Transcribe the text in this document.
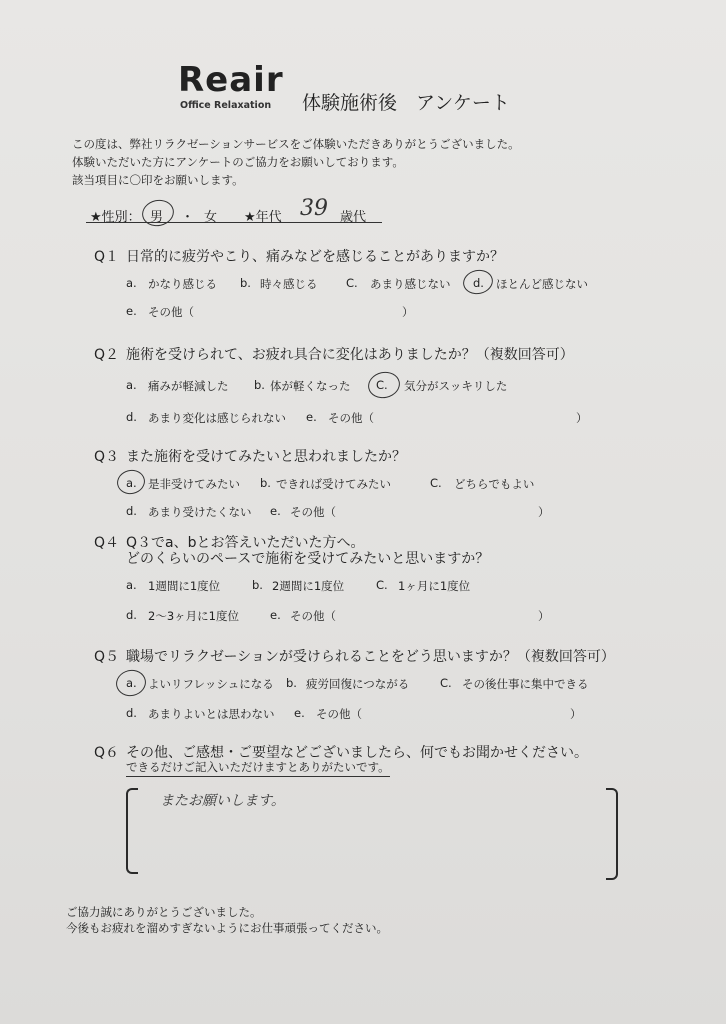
Reair
Office Relaxation 体験施術後　アンケート
この度は、弊社リラクゼーションサービスをご体験いただきありがとうございました。
体験いただいた方にアンケートのご協力をお願いしております。
該当項目に〇印をお願いします。
★性別： 男 ・ 女 ★年代 39 歳代
Q１ 日常的に疲労やこり、痛みなどを感じることがありますか？
a. かなり感じる b. 時々感じる C. あまり感じない d. ほとんど感じない
e. その他（	）
Q２ 施術を受けられて、お疲れ具合に変化はありましたか？（複数回答可）
a. 痛みが軽減した b. 体が軽くなった C. 気分がスッキリした
d. あまり変化は感じられない e. その他（	）
Q３ また施術を受けてみたいと思われましたか？
a. 是非受けてみたい b. できれば受けてみたい	C. どちらでもよい
d. あまり受けたくない e. その他（	）
Q４ Q３でa、bとお答えいただいた方へ。
どのくらいのペースで施術を受けてみたいと思いますか？
a. 1週間に1度位	b. 2週間に1度位	C. 1ヶ月に1度位
d. 2～3ヶ月に1度位	e. その他（	）
Q５ 職場でリラクゼーションが受けられることをどう思いますか？（複数回答可）
a. よいリフレッシュになる b. 疲労回復につながる	C. その後仕事に集中できる
d. あまりよいとは思わない e. その他（	）
Q６ その他、ご感想・ご要望などございましたら、何でもお聞かせください。
できるだけご記入いただけますとありがたいです。
またお願いします。
ご協力誠にありがとうございました。
今後もお疲れを溜めすぎないようにお仕事頑張ってください。
